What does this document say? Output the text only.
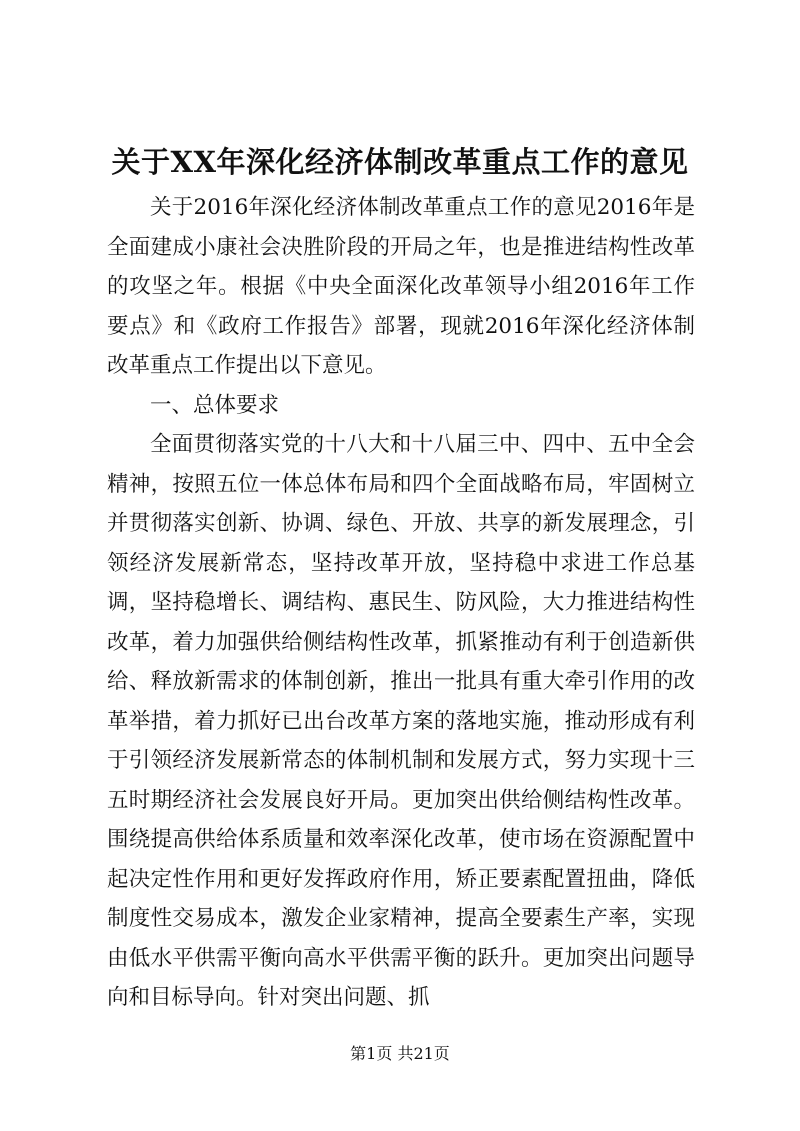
关于XX年深化经济体制改革重点工作的意见

关于2016年深化经济体制改革重点工作的意见2016年是全面建成小康社会决胜阶段的开局之年，也是推进结构性改革的攻坚之年。根据《中央全面深化改革领导小组2016年工作要点》和《政府工作报告》部署，现就2016年深化经济体制改革重点工作提出以下意见。

一、总体要求

全面贯彻落实党的十八大和十八届三中、四中、五中全会精神，按照五位一体总体布局和四个全面战略布局，牢固树立并贯彻落实创新、协调、绿色、开放、共享的新发展理念，引领经济发展新常态，坚持改革开放，坚持稳中求进工作总基调，坚持稳增长、调结构、惠民生、防风险，大力推进结构性改革，着力加强供给侧结构性改革，抓紧推动有利于创造新供给、释放新需求的体制创新，推出一批具有重大牵引作用的改革举措，着力抓好已出台改革方案的落地实施，推动形成有利于引领经济发展新常态的体制机制和发展方式，努力实现十三五时期经济社会发展良好开局。更加突出供给侧结构性改革。围绕提高供给体系质量和效率深化改革，使市场在资源配置中起决定性作用和更好发挥政府作用，矫正要素配置扭曲，降低制度性交易成本，激发企业家精神，提高全要素生产率，实现由低水平供需平衡向高水平供需平衡的跃升。更加突出问题导向和目标导向。针对突出问题、抓

第1页 共21页
